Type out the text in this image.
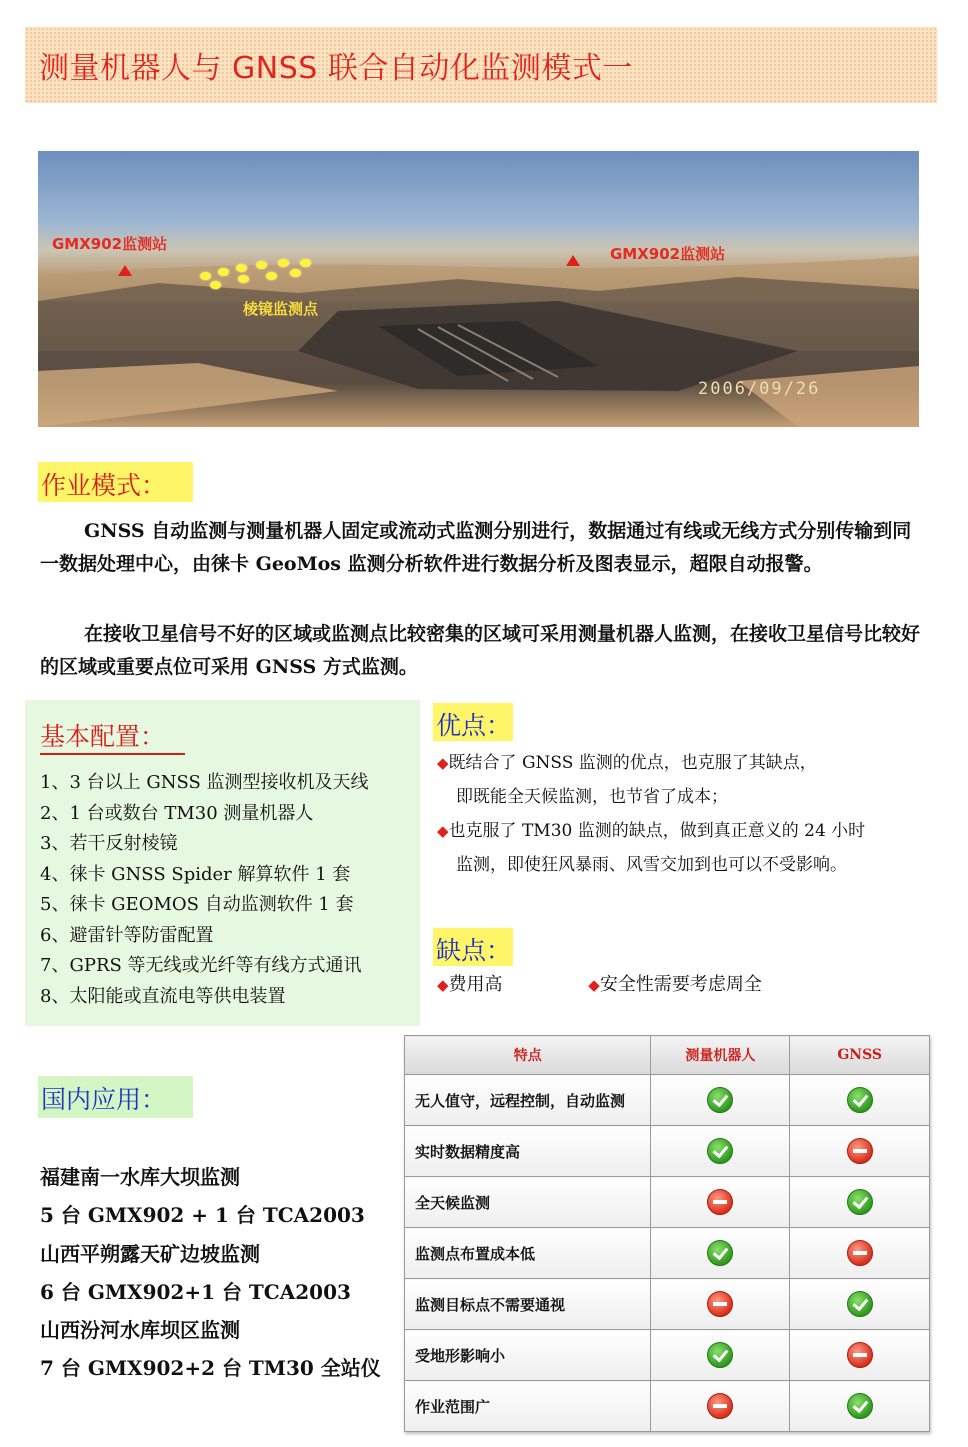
测量机器人与 GNSS 联合自动化监测模式一
GMX902监测站
GMX902监测站
棱镜监测点
2006/09/26
作业模式：
GNSS 自动监测与测量机器人固定或流动式监测分别进行，数据通过有线或无线方式分别传输到同一数据处理中心，由徕卡 GeoMos 监测分析软件进行数据分析及图表显示，超限自动报警。
在接收卫星信号不好的区域或监测点比较密集的区域可采用测量机器人监测，在接收卫星信号比较好的区域或重要点位可采用 GNSS 方式监测。
基本配置：
1、3 台以上 GNSS 监测型接收机及天线
2、1 台或数台 TM30 测量机器人
3、若干反射棱镜
4、徕卡 GNSS Spider 解算软件 1 套
5、徕卡 GEOMOS 自动监测软件 1 套
6、避雷针等防雷配置
7、GPRS 等无线或光纤等有线方式通讯
8、太阳能或直流电等供电装置
优点：
◆既结合了 GNSS 监测的优点，也克服了其缺点，
即既能全天候监测，也节省了成本；
◆也克服了 TM30 监测的缺点，做到真正意义的 24 小时
监测，即使狂风暴雨、风雪交加到也可以不受影响。
缺点：
◆费用高	◆安全性需要考虑周全
国内应用：
福建南一水库大坝监测
5 台 GMX902 + 1 台 TCA2003
山西平朔露天矿边坡监测
6 台 GMX902+1 台 TCA2003
山西汾河水库坝区监测
7 台 GMX902+2 台 TM30 全站仪
特点	测量机器人	GNSS
无人值守，远程控制，自动监测		
实时数据精度高		
全天候监测		
监测点布置成本低		
监测目标点不需要通视		
受地形影响小		
作业范围广		
